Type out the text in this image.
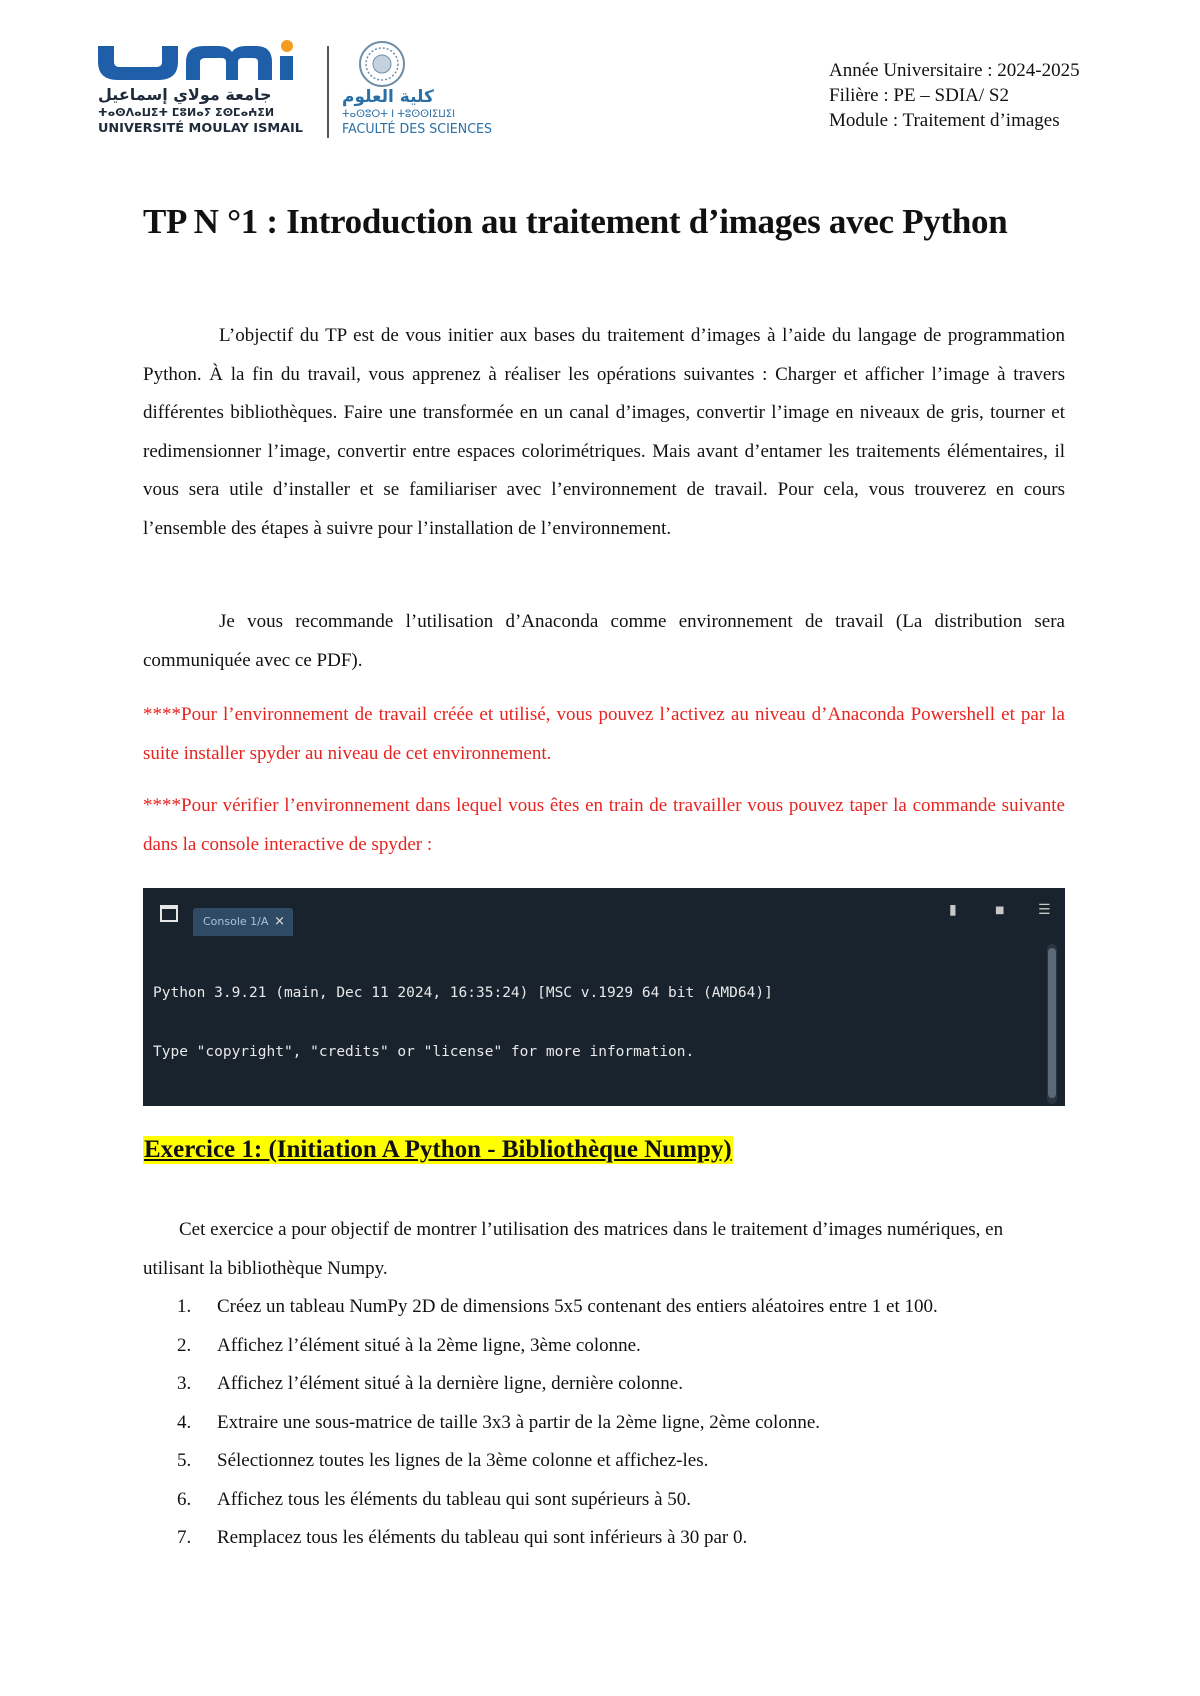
جامعة مولاي إسماعيل
ⵜⴰⵙⴷⴰⵡⵉⵜ ⵎⵓⵍⴰⵢ ⵉⵙⵎⴰⵄⵉⵍ
UNIVERSITÉ MOULAY ISMAIL
كلية العلوم
ⵜⴰⵙⵓⵔⵜ ⵏ ⵜⵓⵙⵙⵏⵉⵡⵉⵏ
FACULTÉ DES SCIENCES
Année Universitaire : 2024-2025
Filière : PE – SDIA/ S2
Module : Traitement d’images
TP N °1 : Introduction au traitement d’images avec Python

L’objectif du TP est de vous initier aux bases du traitement d’images à l’aide du langage de programmation Python. À la fin du travail, vous apprenez à réaliser les opérations suivantes : Charger et afficher l’image à travers différentes bibliothèques. Faire une transformée en un canal d’images, convertir l’image en niveaux de gris, tourner et redimensionner l’image, convertir entre espaces colorimétriques. Mais avant d’entamer les traitements élémentaires, il vous sera utile d’installer et se familiariser avec l’environnement de travail. Pour cela, vous trouverez en cours l’ensemble des étapes à suivre pour l’installation de l’environnement.

Je vous recommande l’utilisation d’Anaconda comme environnement de travail (La distribution sera communiquée avec ce PDF).

****Pour l’environnement de travail créée et utilisé, vous pouvez l’activez au niveau d’Anaconda Powershell et par la suite installer spyder au niveau de cet environnement.

****Pour vérifier l’environnement dans lequel vous êtes en train de travailler vous pouvez taper la commande suivante dans la console interactive de spyder :

Console 1/A ×
▮	■ ☰

Python 3.9.21 (main, Dec 11 2024, 16:35:24) [MSC v.1929 64 bit (AMD64)]

Type "copyright", "credits" or "license" for more information.

Exercice 1: (Initiation A Python - Bibliothèque Numpy)

Cet exercice a pour objectif de montrer l’utilisation des matrices dans le traitement d’images numériques, en utilisant la bibliothèque Numpy.

1.	Créez un tableau NumPy 2D de dimensions 5x5 contenant des entiers aléatoires entre 1 et 100.
2.	Affichez l’élément situé à la 2ème ligne, 3ème colonne.
3.	Affichez l’élément situé à la dernière ligne, dernière colonne.
4.	Extraire une sous-matrice de taille 3x3 à partir de la 2ème ligne, 2ème colonne.
5.	Sélectionnez toutes les lignes de la 3ème colonne et affichez-les.
6.	Affichez tous les éléments du tableau qui sont supérieurs à 50.
7.	Remplacez tous les éléments du tableau qui sont inférieurs à 30 par 0.
